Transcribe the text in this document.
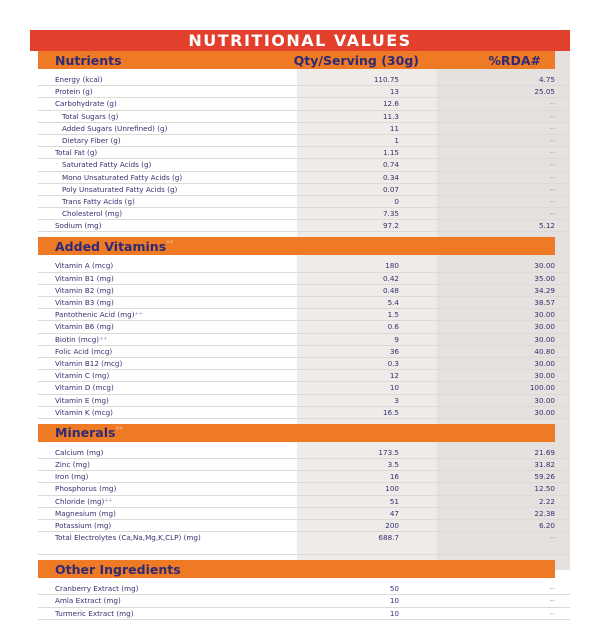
NUTRITIONAL VALUES
Nutrients	Qty/Serving (30g)	%RDA#
Energy (kcal)	110.75	4.75
Protein (g)	13	25.05
Carbohydrate (g)	12.6	--
Total Sugars (g)	11.3	--
Added Sugars (Unrefined) (g)	11	--
Dietary Fiber (g)	1	--
Total Fat (g)	1.15	--
Saturated Fatty Acids (g)	0.74	--
Mono Unsaturated Fatty Acids (g)	0.34	--
Poly Unsaturated Fatty Acids (g)	0.07	--
Trans Fatty Acids (g)	0	--
Cholesterol (mg)	7.35	--
Sodium (mg)	97.2	5.12
Added Vitamins**
Vitamin A (mcg)	180	30.00
Vitamin B1 (mg)	0.42	35.00
Vitamin B2 (mg)	0.48	34.29
Vitamin B3 (mg)	5.4	38.57
Pantothenic Acid (mg)++	1.5	30.00
Vitamin B6 (mg)	0.6	30.00
Biotin (mcg)++	9	30.00
Folic Acid (mcg)	36	40.80
Vitamin B12 (mcg)	0.3	30.00
Vitamin C (mg)	12	30.00
Vitamin D (mcg)	10	100.00
Vitamin E (mg)	3	30.00
Vitamin K (mcg)	16.5	30.00
Minerals**
Calcium (mg)	173.5	21.69
Zinc (mg)	3.5	31.82
Iron (mg)	16	59.26
Phosphorus (mg)	100	12.50
Chloride (mg)++	51	2.22
Magnesium (mg)	47	22.38
Potassium (mg)	200	6.20
Total Electrolytes (Ca,Na,Mg,K,CLP) (mg)	688.7	--
Other Ingredients
Cranberry Extract (mg)	50	--
Amla Extract (mg)	10	--
Turmeric Extract (mg)	10	--
